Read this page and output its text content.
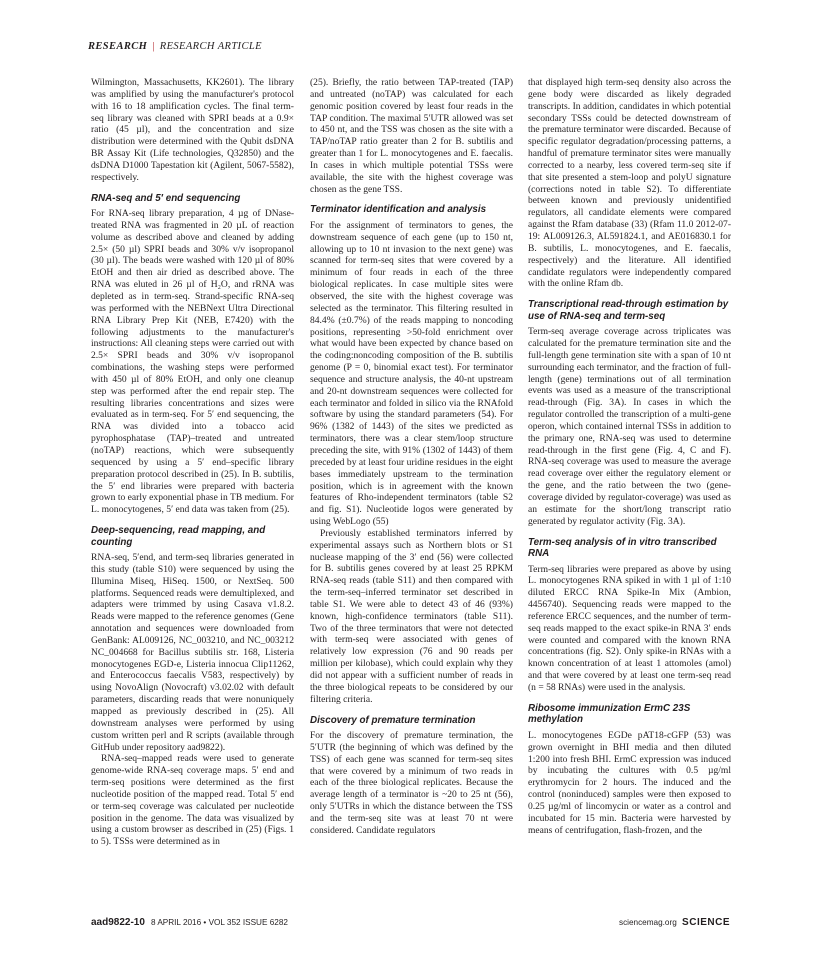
RESEARCH | RESEARCH ARTICLE

Wilmington, Massachusetts, KK2601). The library was amplified by using the manufacturer's protocol with 16 to 18 amplification cycles. The final term-seq library was cleaned with SPRI beads at a 0.9× ratio (45 µl), and the concentration and size distribution were determined with the Qubit dsDNA BR Assay Kit (Life technologies, Q32850) and the dsDNA D1000 Tapestation kit (Agilent, 5067-5582), respectively.

RNA-seq and 5′ end sequencing

For RNA-seq library preparation, 4 µg of DNase-treated RNA was fragmented in 20 µL of reaction volume as described above and cleaned by adding 2.5× (50 µl) SPRI beads and 30% v/v isopropanol (30 µl). The beads were washed with 120 µl of 80% EtOH and then air dried as described above. The RNA was eluted in 26 µl of H₂O, and rRNA was depleted as in term-seq. Strand-specific RNA-seq was performed with the NEBNext Ultra Directional RNA Library Prep Kit (NEB, E7420) with the following adjustments to the manufacturer's instructions: All cleaning steps were carried out with 2.5× SPRI beads and 30% v/v isopropanol combinations, the washing steps were performed with 450 µl of 80% EtOH, and only one cleanup step was performed after the end repair step. The resulting libraries concentrations and sizes were evaluated as in term-seq. For 5′ end sequencing, the RNA was divided into a tobacco acid pyrophosphatase (TAP)–treated and untreated (noTAP) reactions, which were subsequently sequenced by using a 5′ end–specific library preparation protocol described in (25). In B. subtilis, the 5′ end libraries were prepared with bacteria grown to early exponential phase in TB medium. For L. monocytogenes, 5′ end data was taken from (25).

Deep-sequencing, read mapping, and counting

RNA-seq, 5′end, and term-seq libraries generated in this study (table S10) were sequenced by using the Illumina Miseq, HiSeq. 1500, or NextSeq. 500 platforms. Sequenced reads were demultiplexed, and adapters were trimmed by using Casava v1.8.2. Reads were mapped to the reference genomes (Gene annotation and sequences were downloaded from GenBank: AL009126, NC_003210, and NC_003212 NC_004668 for Bacillus subtilis str. 168, Listeria monocytogenes EGD-e, Listeria innocua Clip11262, and Enterococcus faecalis V583, respectively) by using NovoAlign (Novocraft) v3.02.02 with default parameters, discarding reads that were nonuniquely mapped as previously described in (25). All downstream analyses were performed by using custom written perl and R scripts (available through GitHub under repository aad9822).

RNA-seq–mapped reads were used to generate genome-wide RNA-seq coverage maps. 5′ end and term-seq positions were determined as the first nucleotide position of the mapped read. Total 5′ end or term-seq coverage was calculated per nucleotide position in the genome. The data was visualized by using a custom browser as described in (25) (Figs. 1 to 5). TSSs were determined as in

(25). Briefly, the ratio between TAP-treated (TAP) and untreated (noTAP) was calculated for each genomic position covered by least four reads in the TAP condition. The maximal 5′UTR allowed was set to 450 nt, and the TSS was chosen as the site with a TAP/noTAP ratio greater than 2 for B. subtilis and greater than 1 for L. monocytogenes and E. faecalis. In cases in which multiple potential TSSs were available, the site with the highest coverage was chosen as the gene TSS.

Terminator identification and analysis

For the assignment of terminators to genes, the downstream sequence of each gene (up to 150 nt, allowing up to 10 nt invasion to the next gene) was scanned for term-seq sites that were covered by a minimum of four reads in each of the three biological replicates. In case multiple sites were observed, the site with the highest coverage was selected as the terminator. This filtering resulted in 84.4% (±0.7%) of the reads mapping to noncoding positions, representing >50-fold enrichment over what would have been expected by chance based on the coding:noncoding composition of the B. subtilis genome (P = 0, binomial exact test). For terminator sequence and structure analysis, the 40-nt upstream and 20-nt downstream sequences were collected for each terminator and folded in silico via the RNAfold software by using the standard parameters (54). For 96% (1382 of 1443) of the sites we predicted as terminators, there was a clear stem/loop structure preceding the site, with 91% (1302 of 1443) of them preceded by at least four uridine residues in the eight bases immediately upstream to the termination position, which is in agreement with the known features of Rho-independent terminators (table S2 and fig. S1). Nucleotide logos were generated by using WebLogo (55)

Previously established terminators inferred by experimental assays such as Northern blots or S1 nuclease mapping of the 3′ end (56) were collected for B. subtilis genes covered by at least 25 RPKM RNA-seq reads (table S11) and then compared with the term-seq–inferred terminator set described in table S1. We were able to detect 43 of 46 (93%) known, high-confidence terminators (table S11). Two of the three terminators that were not detected with term-seq were associated with genes of relatively low expression (76 and 90 reads per million per kilobase), which could explain why they did not appear with a sufficient number of reads in the three biological repeats to be considered by our filtering criteria.

Discovery of premature termination

For the discovery of premature termination, the 5′UTR (the beginning of which was defined by the TSS) of each gene was scanned for term-seq sites that were covered by a minimum of two reads in each of the three biological replicates. Because the average length of a terminator is ~20 to 25 nt (56), only 5′UTRs in which the distance between the TSS and the term-seq site was at least 70 nt were considered. Candidate regulators

that displayed high term-seq density also across the gene body were discarded as likely degraded transcripts. In addition, candidates in which potential secondary TSSs could be detected downstream of the premature terminator were discarded. Because of specific regulator degradation/processing patterns, a handful of premature terminator sites were manually corrected to a nearby, less covered term-seq site if that site presented a stem-loop and polyU signature (corrections noted in table S2). To differentiate between known and previously unidentified regulators, all candidate elements were compared against the Rfam database (33) (Rfam 11.0 2012-07-19: AL009126.3, AL591824.1, and AE016830.1 for B. subtilis, L. monocytogenes, and E. faecalis, respectively) and the literature. All identified candidate regulators were independently compared with the online Rfam db.

Transcriptional read-through estimation by use of RNA-seq and term-seq

Term-seq average coverage across triplicates was calculated for the premature termination site and the full-length gene termination site with a span of 10 nt surrounding each terminator, and the fraction of full-length (gene) terminations out of all termination events was used as a measure of the transcriptional read-through (Fig. 3A). In cases in which the regulator controlled the transcription of a multi-gene operon, which contained internal TSSs in addition to the primary one, RNA-seq was used to determine read-through in the first gene (Fig. 4, C and F). RNA-seq coverage was used to measure the average read coverage over either the regulatory element or the gene, and the ratio between the two (gene-coverage divided by regulator-coverage) was used as an estimate for the short/long transcript ratio generated by regulator activity (Fig. 3A).

Term-seq analysis of in vitro transcribed RNA

Term-seq libraries were prepared as above by using L. monocytogenes RNA spiked in with 1 µl of 1:10 diluted ERCC RNA Spike-In Mix (Ambion, 4456740). Sequencing reads were mapped to the reference ERCC sequences, and the number of term-seq reads mapped to the exact spike-in RNA 3′ ends were counted and compared with the known RNA concentrations (fig. S2). Only spike-in RNAs with a known concentration of at least 1 attomoles (amol) and that were covered by at least one term-seq read (n = 58 RNAs) were used in the analysis.

Ribosome immunization ErmC 23S methylation

L. monocytogenes EGDe pAT18-cGFP (53) was grown overnight in BHI media and then diluted 1:200 into fresh BHI. ErmC expression was induced by incubating the cultures with 0.5 µg/ml erythromycin for 2 hours. The induced and the control (noninduced) samples were then exposed to 0.25 µg/ml of lincomycin or water as a control and incubated for 15 min. Bacteria were harvested by means of centrifugation, flash-frozen, and the

aad9822-10 8 APRIL 2016 • VOL 352 ISSUE 6282	sciencemag.org SCIENCE
